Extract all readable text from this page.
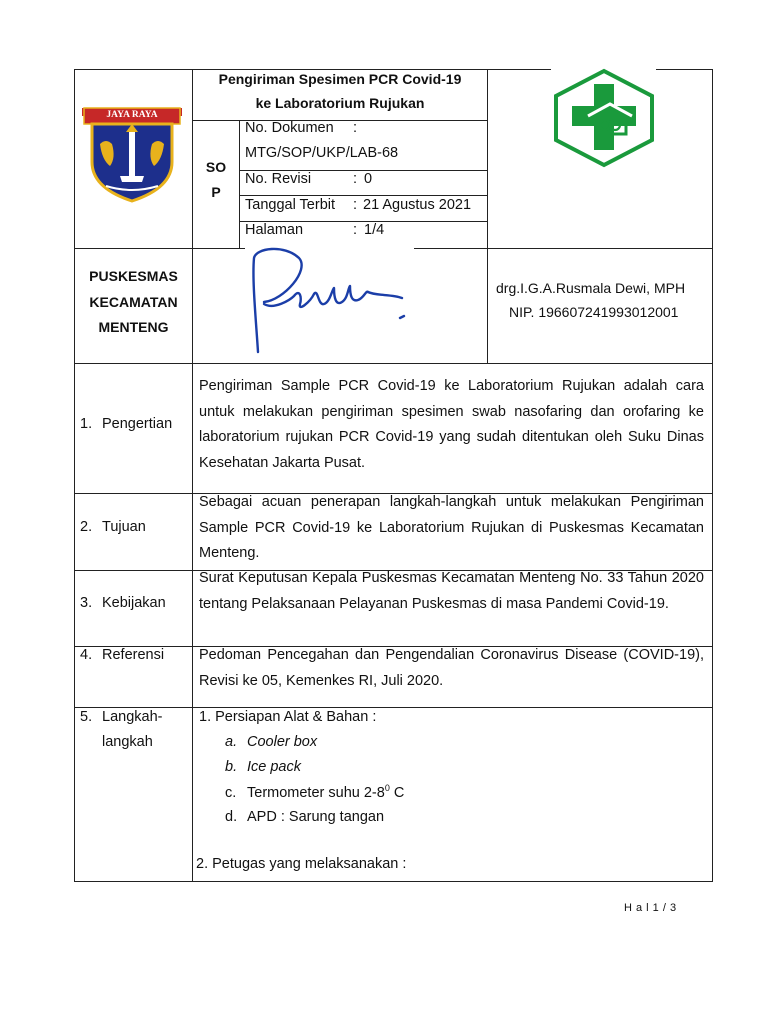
JAYA RAYA
Pengiriman Spesimen PCR Covid-19
ke Laboratorium Rujukan
SO
P
No. Dokumen :
MTG/SOP/UKP/LAB-68
No. Revisi	: 0
Tanggal Terbit : 21 Agustus 2021
Halaman	: 1/4
PUSKESMAS
KECAMATAN
MENTENG
drg.I.G.A.Rusmala Dewi, MPH
NIP. 196607241993012001
1. Pengertian
Pengiriman Sample PCR Covid-19 ke Laboratorium Rujukan adalah cara untuk melakukan pengiriman spesimen swab nasofaring dan orofaring ke laboratorium rujukan PCR Covid-19 yang sudah ditentukan oleh Suku Dinas Kesehatan Jakarta Pusat.
2. Tujuan
Sebagai acuan penerapan langkah-langkah untuk melakukan Pengiriman Sample PCR Covid-19 ke Laboratorium Rujukan di Puskesmas Kecamatan Menteng.
3. Kebijakan
Surat Keputusan Kepala Puskesmas Kecamatan Menteng No. 33 Tahun 2020 tentang Pelaksanaan Pelayanan Puskesmas di masa Pandemi Covid-19.
4. Referensi Pedoman Pencegahan dan Pengendalian Coronavirus Disease (COVID-19), Revisi ke 05, Kemenkes RI, Juli 2020.
5. Langkah-
langkah
1. Persiapan Alat & Bahan :
a. Cooler box
b. Ice pack
c. Termometer suhu $2-8^0$ C
d. APD : Sarung tangan
2. Petugas yang melaksanakan :
H a l 1 / 3
